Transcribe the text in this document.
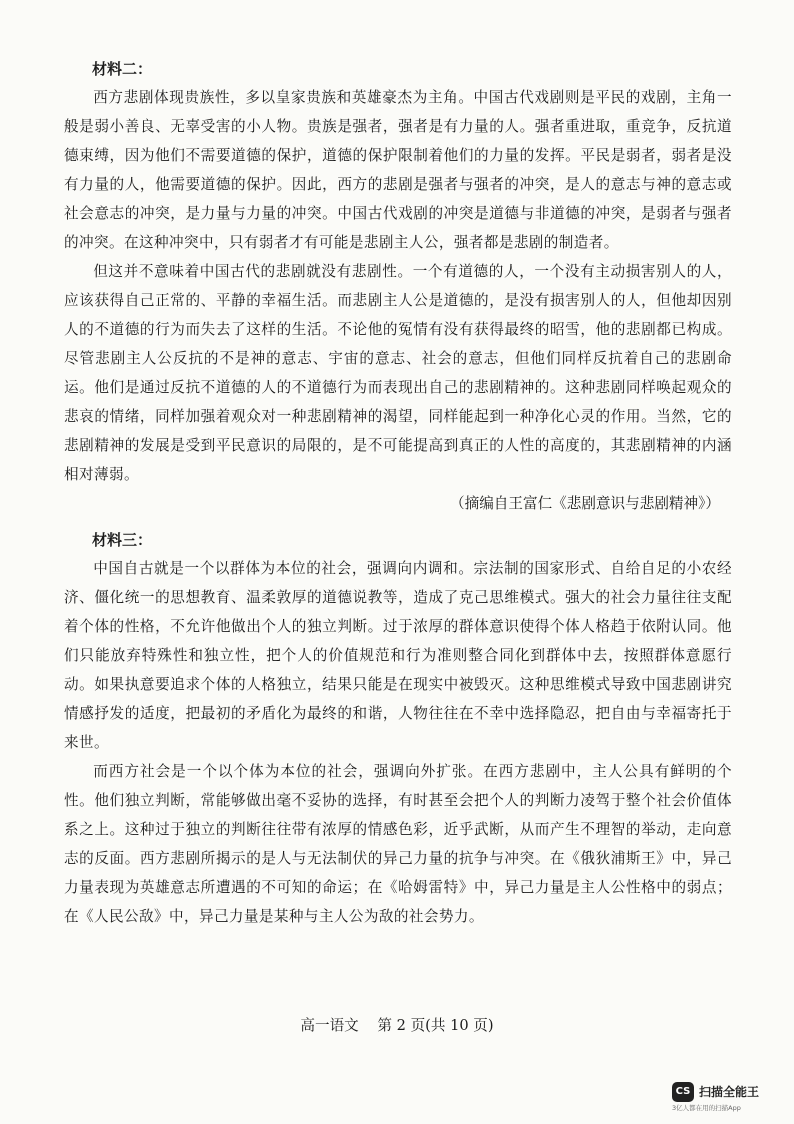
材料二：

西方悲剧体现贵族性，多以皇家贵族和英雄豪杰为主角。中国古代戏剧则是平民的戏剧，主角一般是弱小善良、无辜受害的小人物。贵族是强者，强者是有力量的人。强者重进取，重竞争，反抗道德束缚，因为他们不需要道德的保护，道德的保护限制着他们的力量的发挥。平民是弱者，弱者是没有力量的人，他需要道德的保护。因此，西方的悲剧是强者与强者的冲突，是人的意志与神的意志或社会意志的冲突，是力量与力量的冲突。中国古代戏剧的冲突是道德与非道德的冲突，是弱者与强者的冲突。在这种冲突中，只有弱者才有可能是悲剧主人公，强者都是悲剧的制造者。

但这并不意味着中国古代的悲剧就没有悲剧性。一个有道德的人，一个没有主动损害别人的人，应该获得自己正常的、平静的幸福生活。而悲剧主人公是道德的，是没有损害别人的人，但他却因别人的不道德的行为而失去了这样的生活。不论他的冤情有没有获得最终的昭雪，他的悲剧都已构成。尽管悲剧主人公反抗的不是神的意志、宇宙的意志、社会的意志，但他们同样反抗着自己的悲剧命运。他们是通过反抗不道德的人的不道德行为而表现出自己的悲剧精神的。这种悲剧同样唤起观众的悲哀的情绪，同样加强着观众对一种悲剧精神的渴望，同样能起到一种净化心灵的作用。当然，它的悲剧精神的发展是受到平民意识的局限的，是不可能提高到真正的人性的高度的，其悲剧精神的内涵相对薄弱。

（摘编自王富仁《悲剧意识与悲剧精神》）

材料三：

中国自古就是一个以群体为本位的社会，强调向内调和。宗法制的国家形式、自给自足的小农经济、僵化统一的思想教育、温柔敦厚的道德说教等，造成了克己思维模式。强大的社会力量往往支配着个体的性格，不允许他做出个人的独立判断。过于浓厚的群体意识使得个体人格趋于依附认同。他们只能放弃特殊性和独立性，把个人的价值规范和行为准则整合同化到群体中去，按照群体意愿行动。如果执意要追求个体的人格独立，结果只能是在现实中被毁灭。这种思维模式导致中国悲剧讲究情感抒发的适度，把最初的矛盾化为最终的和谐，人物往往在不幸中选择隐忍，把自由与幸福寄托于来世。

而西方社会是一个以个体为本位的社会，强调向外扩张。在西方悲剧中，主人公具有鲜明的个性。他们独立判断，常能够做出毫不妥协的选择，有时甚至会把个人的判断力凌驾于整个社会价值体系之上。这种过于独立的判断往往带有浓厚的情感色彩，近乎武断，从而产生不理智的举动，走向意志的反面。西方悲剧所揭示的是人与无法制伏的异己力量的抗争与冲突。在《俄狄浦斯王》中，异己力量表现为英雄意志所遭遇的不可知的命运；在《哈姆雷特》中，异己力量是主人公性格中的弱点；在《人民公敌》中，异己力量是某种与主人公为敌的社会势力。

高一语文 第 2 页(共 10 页)
CS 扫描全能王
3亿人都在用的扫描App
